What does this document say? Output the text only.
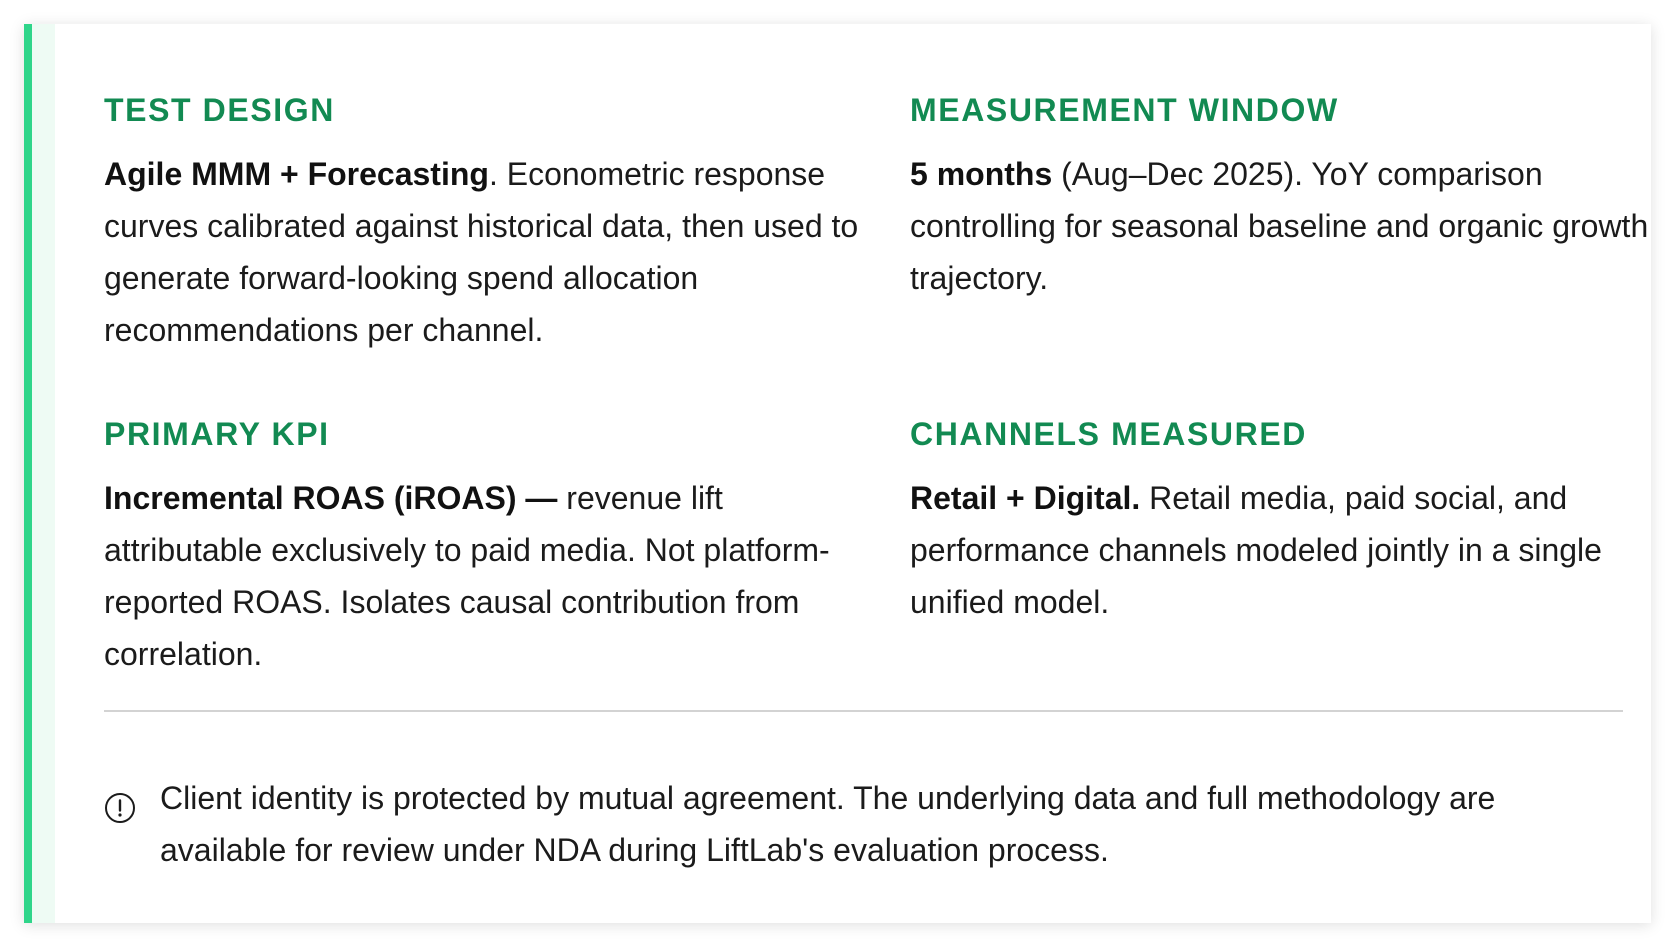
TEST DESIGN

Agile MMM + Forecasting. Econometric response curves calibrated against historical data, then used to generate forward-looking spend allocation recommendations per channel.

MEASUREMENT WINDOW

5 months (Aug–Dec 2025). YoY comparison controlling for seasonal baseline and organic growth trajectory.

PRIMARY KPI

Incremental ROAS (iROAS) — revenue lift attributable exclusively to paid media. Not platform-reported ROAS. Isolates causal contribution from correlation.

CHANNELS MEASURED

Retail + Digital. Retail media, paid social, and performance channels modeled jointly in a single unified model.

Client identity is protected by mutual agreement. The underlying data and full methodology are available for review under NDA during LiftLab's evaluation process.
